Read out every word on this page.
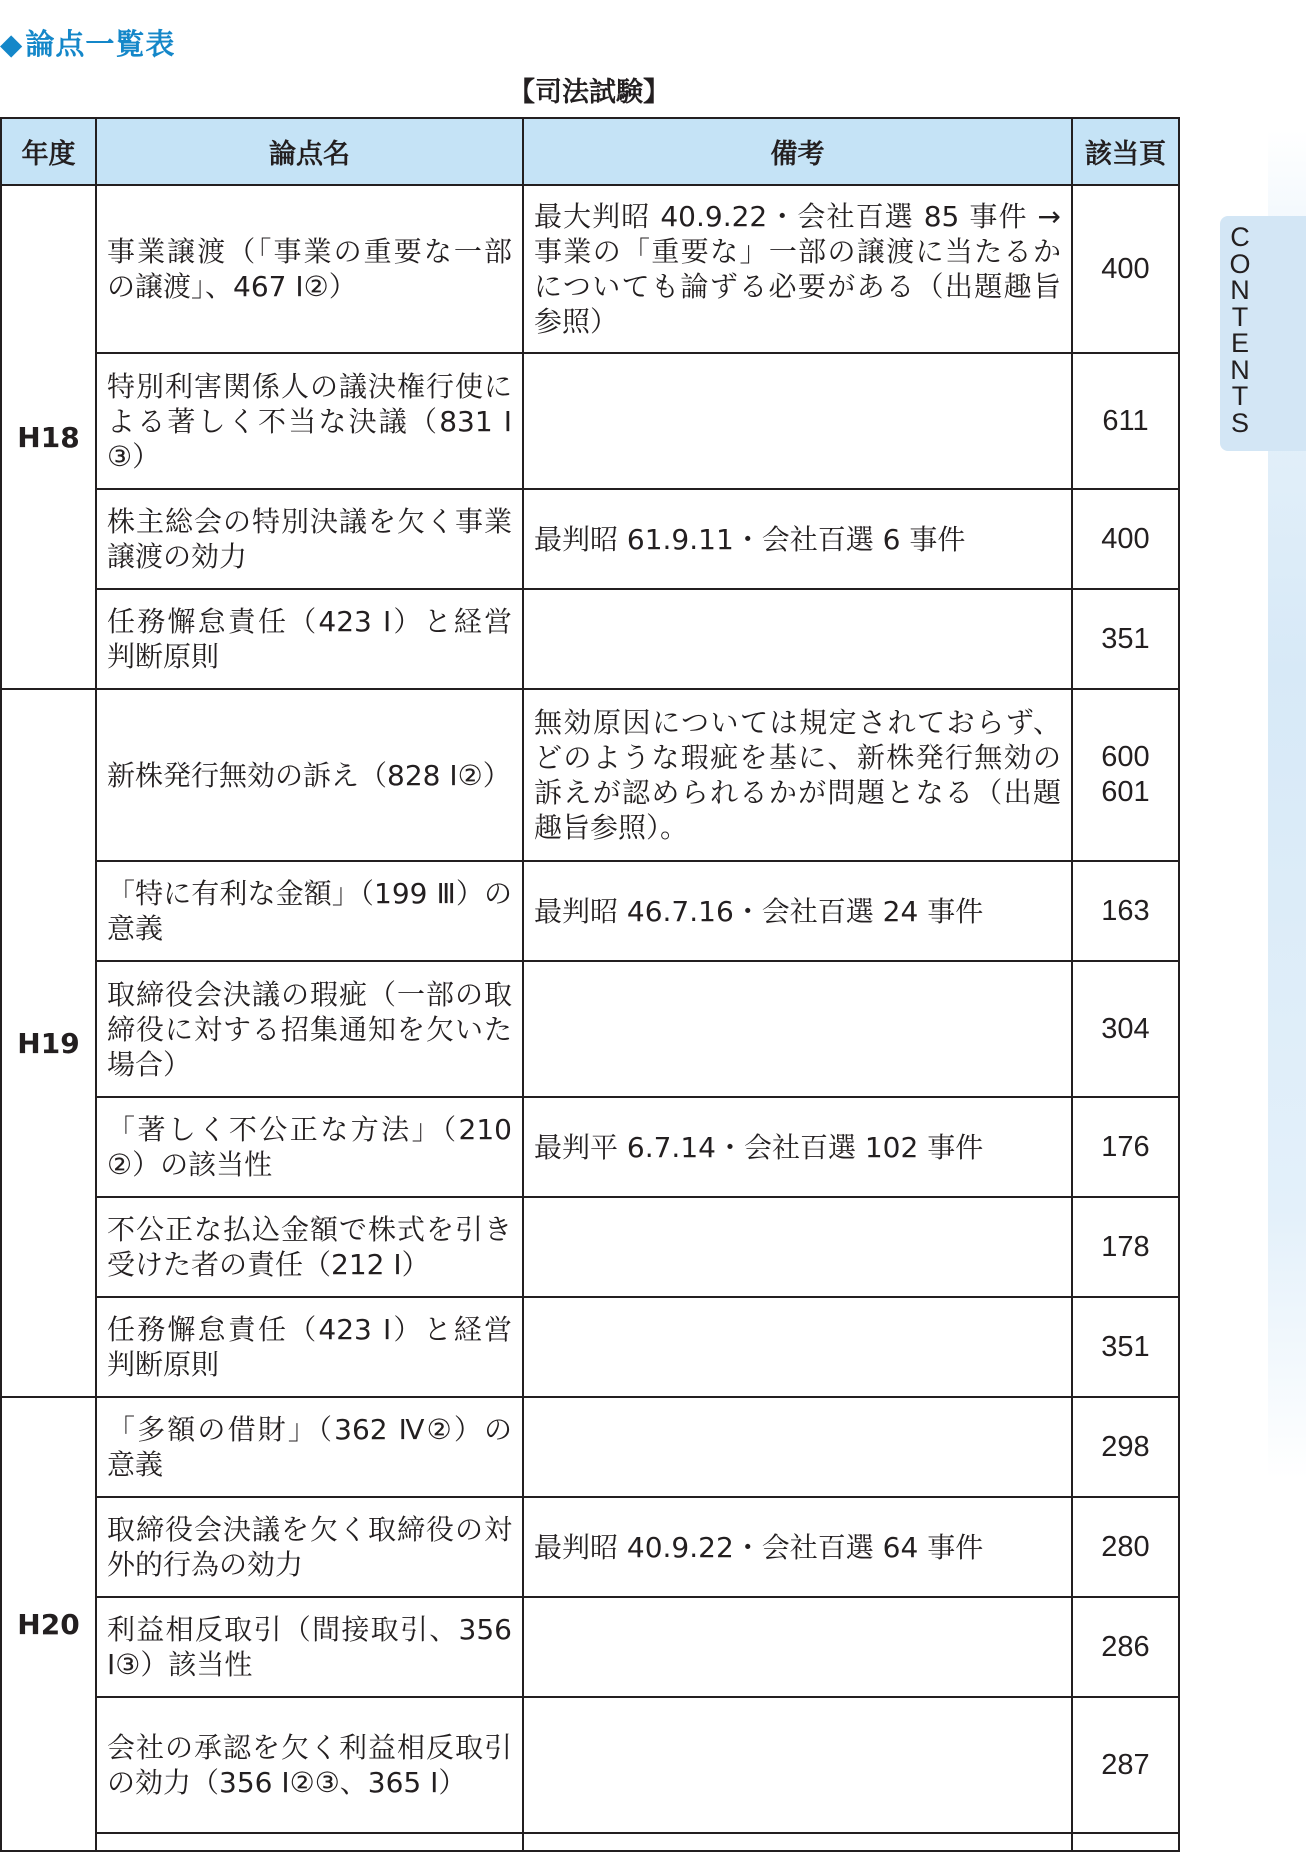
◆論点一覧表
【司法試験】
C
O
N
T
E
N
T
S
年度	論点名	備考	該当頁
H18	事業譲渡（「事業の重要な一部の譲渡」、467 Ⅰ②）	最大判昭 40.9.22・会社百選 85 事件 → 事業の「重要な」一部の譲渡に当たるかについても論ずる必要がある（出題趣旨参照）	400

	特別利害関係人の議決権行使による著しく不当な決議（831 Ⅰ③）		611

	株主総会の特別決議を欠く事業譲渡の効力	最判昭 61.9.11・会社百選 6 事件	400

	任務懈怠責任（423 Ⅰ）と経営判断原則		351

H19	新株発行無効の訴え（828 Ⅰ②）	無効原因については規定されておらず、どのような瑕疵を基に、新株発行無効の訴えが認められるかが問題となる（出題趣旨参照）。	600
601

	「特に有利な金額」（199 Ⅲ）の意義	最判昭 46.7.16・会社百選 24 事件	163

	取締役会決議の瑕疵（一部の取締役に対する招集通知を欠いた場合）		304

	「著しく不公正な方法」（210 ②）の該当性	最判平 6.7.14・会社百選 102 事件	176

	不公正な払込金額で株式を引き受けた者の責任（212 Ⅰ）		178

	任務懈怠責任（423 Ⅰ）と経営判断原則		351

H20	「多額の借財」（362 Ⅳ②）の意義		298

	取締役会決議を欠く取締役の対外的行為の効力	最判昭 40.9.22・会社百選 64 事件	280

	利益相反取引（間接取引、356 Ⅰ③）該当性		286

	会社の承認を欠く利益相反取引の効力（356 Ⅰ②③、365 Ⅰ）		287
